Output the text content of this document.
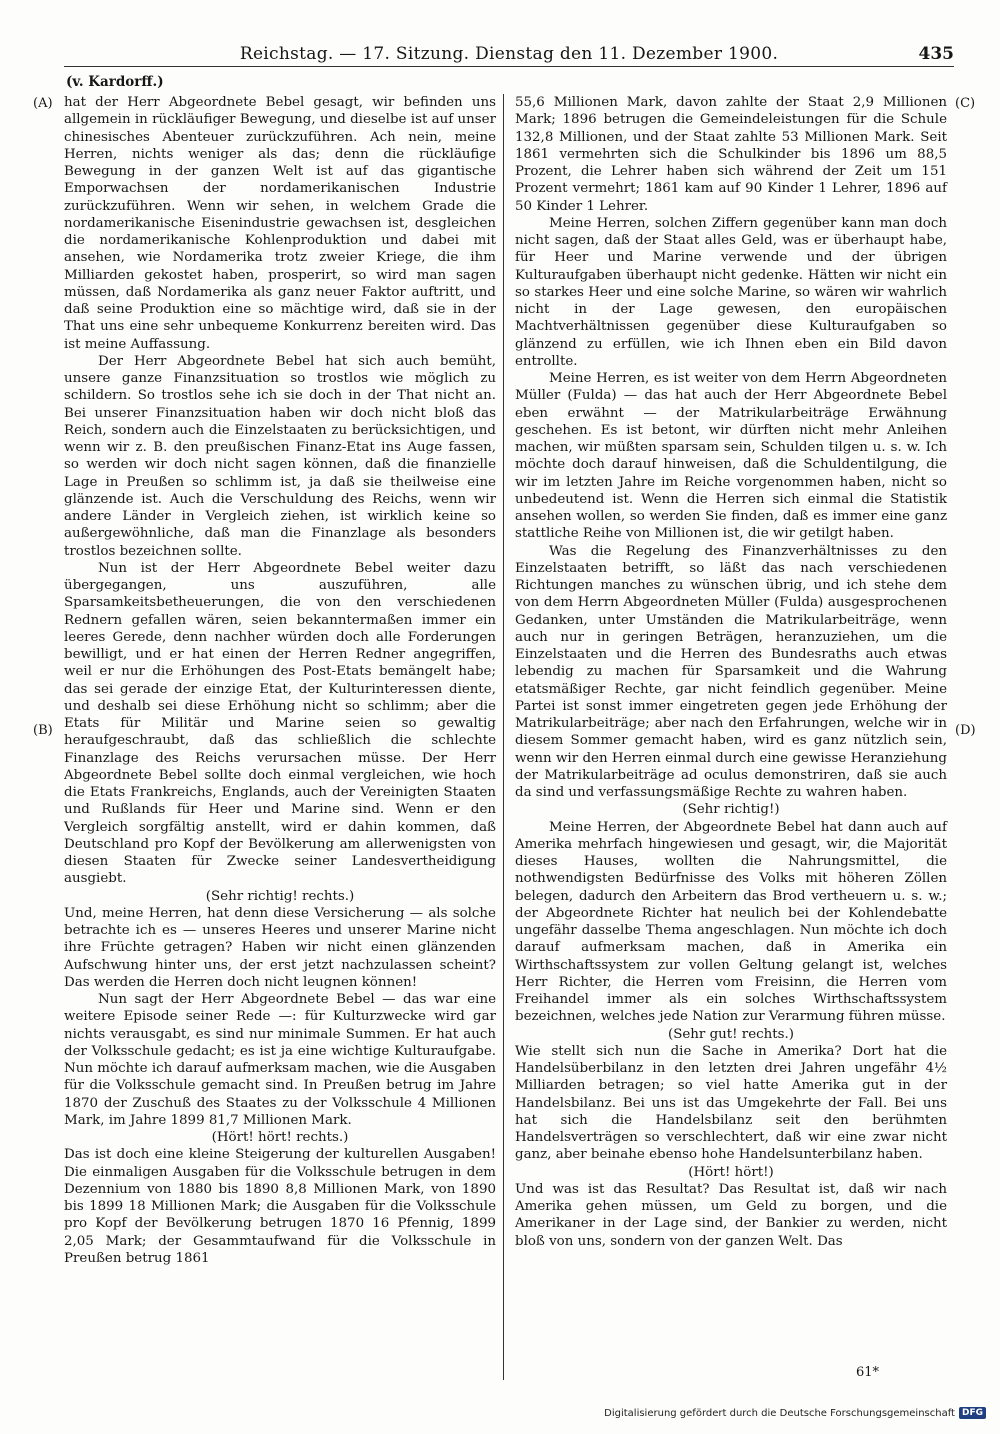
Reichstag. — 17. Sitzung. Dienstag den 11. Dezember 1900.	435
(v. Kardorff.)
(A)
(B)
(C)
(D)

hat der Herr Abgeordnete Bebel gesagt, wir befinden uns allgemein in rückläufiger Bewegung, und dieselbe ist auf unser chinesisches Abenteuer zurückzuführen. Ach nein, meine Herren, nichts weniger als das; denn die rückläufige Bewegung in der ganzen Welt ist auf das gigantische Emporwachsen der nordamerikanischen Industrie zurückzuführen. Wenn wir sehen, in welchem Grade die nordamerikanische Eisenindustrie gewachsen ist, desgleichen die nordamerikanische Kohlenproduktion und dabei mit ansehen, wie Nordamerika trotz zweier Kriege, die ihm Milliarden gekostet haben, prosperirt, so wird man sagen müssen, daß Nordamerika als ganz neuer Faktor auftritt, und daß seine Produktion eine so mächtige wird, daß sie in der That uns eine sehr unbequeme Konkurrenz bereiten wird. Das ist meine Auffassung.

Der Herr Abgeordnete Bebel hat sich auch bemüht, unsere ganze Finanzsituation so trostlos wie möglich zu schildern. So trostlos sehe ich sie doch in der That nicht an. Bei unserer Finanzsituation haben wir doch nicht bloß das Reich, sondern auch die Einzelstaaten zu berücksichtigen, und wenn wir z. B. den preußischen Finanz-Etat ins Auge fassen, so werden wir doch nicht sagen können, daß die finanzielle Lage in Preußen so schlimm ist, ja daß sie theilweise eine glänzende ist. Auch die Verschuldung des Reichs, wenn wir andere Länder in Vergleich ziehen, ist wirklich keine so außergewöhnliche, daß man die Finanzlage als besonders trostlos bezeichnen sollte.

Nun ist der Herr Abgeordnete Bebel weiter dazu übergegangen, uns auszuführen, alle Sparsamkeitsbetheuerungen, die von den verschiedenen Rednern gefallen wären, seien bekanntermaßen immer ein leeres Gerede, denn nachher würden doch alle Forderungen bewilligt, und er hat einen der Herren Redner angegriffen, weil er nur die Erhöhungen des Post-Etats bemängelt habe; das sei gerade der einzige Etat, der Kulturinteressen diente, und deshalb sei diese Erhöhung nicht so schlimm; aber die Etats für Militär und Marine seien so gewaltig heraufgeschraubt, daß das schließlich die schlechte Finanzlage des Reichs verursachen müsse. Der Herr Abgeordnete Bebel sollte doch einmal vergleichen, wie hoch die Etats Frankreichs, Englands, auch der Vereinigten Staaten und Rußlands für Heer und Marine sind. Wenn er den Vergleich sorgfältig anstellt, wird er dahin kommen, daß Deutschland pro Kopf der Bevölkerung am allerwenigsten von diesen Staaten für Zwecke seiner Landesvertheidigung ausgiebt.

(Sehr richtig! rechts.)

Und, meine Herren, hat denn diese Versicherung — als solche betrachte ich es — unseres Heeres und unserer Marine nicht ihre Früchte getragen? Haben wir nicht einen glänzenden Aufschwung hinter uns, der erst jetzt nachzulassen scheint? Das werden die Herren doch nicht leugnen können!

Nun sagt der Herr Abgeordnete Bebel — das war eine weitere Episode seiner Rede —: für Kulturzwecke wird gar nichts verausgabt, es sind nur minimale Summen. Er hat auch der Volksschule gedacht; es ist ja eine wichtige Kulturaufgabe. Nun möchte ich darauf aufmerksam machen, wie die Ausgaben für die Volksschule gemacht sind. In Preußen betrug im Jahre 1870 der Zuschuß des Staates zu der Volksschule 4 Millionen Mark, im Jahre 1899 81,7 Millionen Mark.

(Hört! hört! rechts.)

Das ist doch eine kleine Steigerung der kulturellen Ausgaben! Die einmaligen Ausgaben für die Volksschule betrugen in dem Dezennium von 1880 bis 1890 8,8 Millionen Mark, von 1890 bis 1899 18 Millionen Mark; die Ausgaben für die Volksschule pro Kopf der Bevölkerung betrugen 1870 16 Pfennig, 1899 2,05 Mark; der Gesammtaufwand für die Volksschule in Preußen betrug 1861

55,6 Millionen Mark, davon zahlte der Staat 2,9 Millionen Mark; 1896 betrugen die Gemeindeleistungen für die Schule 132,8 Millionen, und der Staat zahlte 53 Millionen Mark. Seit 1861 vermehrten sich die Schulkinder bis 1896 um 88,5 Prozent, die Lehrer haben sich während der Zeit um 151 Prozent vermehrt; 1861 kam auf 90 Kinder 1 Lehrer, 1896 auf 50 Kinder 1 Lehrer.

Meine Herren, solchen Ziffern gegenüber kann man doch nicht sagen, daß der Staat alles Geld, was er überhaupt habe, für Heer und Marine verwende und der übrigen Kulturaufgaben überhaupt nicht gedenke. Hätten wir nicht ein so starkes Heer und eine solche Marine, so wären wir wahrlich nicht in der Lage gewesen, den europäischen Machtverhältnissen gegenüber diese Kulturaufgaben so glänzend zu erfüllen, wie ich Ihnen eben ein Bild davon entrollte.

Meine Herren, es ist weiter von dem Herrn Abgeordneten Müller (Fulda) — das hat auch der Herr Abgeordnete Bebel eben erwähnt — der Matrikularbeiträge Erwähnung geschehen. Es ist betont, wir dürften nicht mehr Anleihen machen, wir müßten sparsam sein, Schulden tilgen u. s. w. Ich möchte doch darauf hinweisen, daß die Schuldentilgung, die wir im letzten Jahre im Reiche vorgenommen haben, nicht so unbedeutend ist. Wenn die Herren sich einmal die Statistik ansehen wollen, so werden Sie finden, daß es immer eine ganz stattliche Reihe von Millionen ist, die wir getilgt haben.

Was die Regelung des Finanzverhältnisses zu den Einzelstaaten betrifft, so läßt das nach verschiedenen Richtungen manches zu wünschen übrig, und ich stehe dem von dem Herrn Abgeordneten Müller (Fulda) ausgesprochenen Gedanken, unter Umständen die Matrikularbeiträge, wenn auch nur in geringen Beträgen, heranzuziehen, um die Einzelstaaten und die Herren des Bundesraths auch etwas lebendig zu machen für Sparsamkeit und die Wahrung etatsmäßiger Rechte, gar nicht feindlich gegenüber. Meine Partei ist sonst immer eingetreten gegen jede Erhöhung der Matrikularbeiträge; aber nach den Erfahrungen, welche wir in diesem Sommer gemacht haben, wird es ganz nützlich sein, wenn wir den Herren einmal durch eine gewisse Heranziehung der Matrikularbeiträge ad oculus demonstriren, daß sie auch da sind und verfassungsmäßige Rechte zu wahren haben.

(Sehr richtig!)

Meine Herren, der Abgeordnete Bebel hat dann auch auf Amerika mehrfach hingewiesen und gesagt, wir, die Majorität dieses Hauses, wollten die Nahrungsmittel, die nothwendigsten Bedürfnisse des Volks mit höheren Zöllen belegen, dadurch den Arbeitern das Brod vertheuern u. s. w.; der Abgeordnete Richter hat neulich bei der Kohlendebatte ungefähr dasselbe Thema angeschlagen. Nun möchte ich doch darauf aufmerksam machen, daß in Amerika ein Wirthschaftssystem zur vollen Geltung gelangt ist, welches Herr Richter, die Herren vom Freisinn, die Herren vom Freihandel immer als ein solches Wirthschaftssystem bezeichnen, welches jede Nation zur Verarmung führen müsse.

(Sehr gut! rechts.)

Wie stellt sich nun die Sache in Amerika? Dort hat die Handelsüberbilanz in den letzten drei Jahren ungefähr 4½ Milliarden betragen; so viel hatte Amerika gut in der Handelsbilanz. Bei uns ist das Umgekehrte der Fall. Bei uns hat sich die Handelsbilanz seit den berühmten Handelsverträgen so verschlechtert, daß wir eine zwar nicht ganz, aber beinahe ebenso hohe Handelsunterbilanz haben.

(Hört! hört!)

Und was ist das Resultat? Das Resultat ist, daß wir nach Amerika gehen müssen, um Geld zu borgen, und die Amerikaner in der Lage sind, der Bankier zu werden, nicht bloß von uns, sondern von der ganzen Welt. Das

61*
Digitalisierung gefördert durch die Deutsche Forschungsgemeinschaft DFG
